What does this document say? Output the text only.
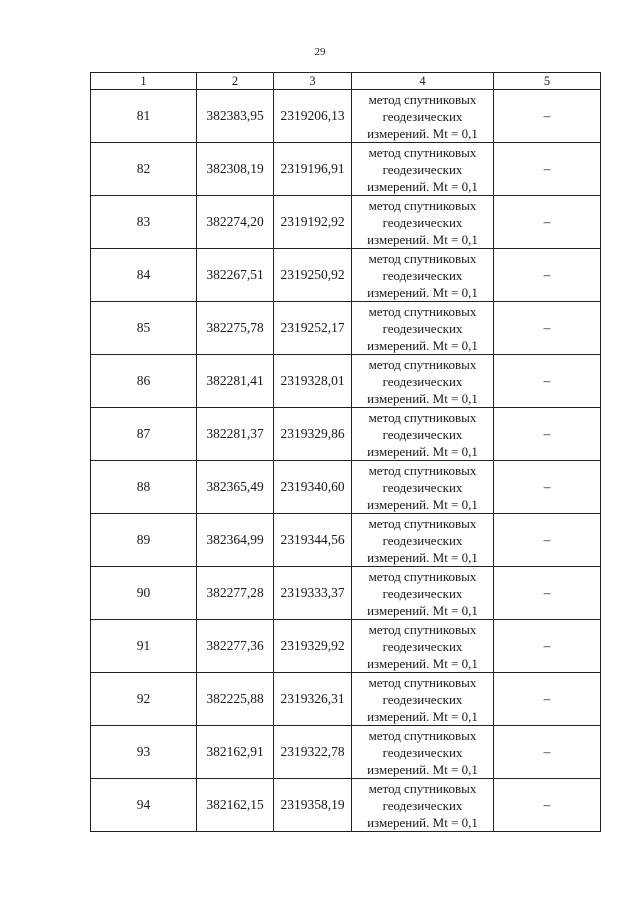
29
1	2	3	4	5
81	382383,95	2319206,13	метод спутниковых
геодезических
измерений. Mt = 0,1	–
82	382308,19	2319196,91	метод спутниковых
геодезических
измерений. Mt = 0,1	–
83	382274,20	2319192,92	метод спутниковых
геодезических
измерений. Mt = 0,1	–
84	382267,51	2319250,92	метод спутниковых
геодезических
измерений. Mt = 0,1	–
85	382275,78	2319252,17	метод спутниковых
геодезических
измерений. Mt = 0,1	–
86	382281,41	2319328,01	метод спутниковых
геодезических
измерений. Mt = 0,1	–
87	382281,37	2319329,86	метод спутниковых
геодезических
измерений. Mt = 0,1	–
88	382365,49	2319340,60	метод спутниковых
геодезических
измерений. Mt = 0,1	–
89	382364,99	2319344,56	метод спутниковых
геодезических
измерений. Mt = 0,1	–
90	382277,28	2319333,37	метод спутниковых
геодезических
измерений. Mt = 0,1	–
91	382277,36	2319329,92	метод спутниковых
геодезических
измерений. Mt = 0,1	–
92	382225,88	2319326,31	метод спутниковых
геодезических
измерений. Mt = 0,1	–
93	382162,91	2319322,78	метод спутниковых
геодезических
измерений. Mt = 0,1	–
94	382162,15	2319358,19	метод спутниковых
геодезических
измерений. Mt = 0,1	–
